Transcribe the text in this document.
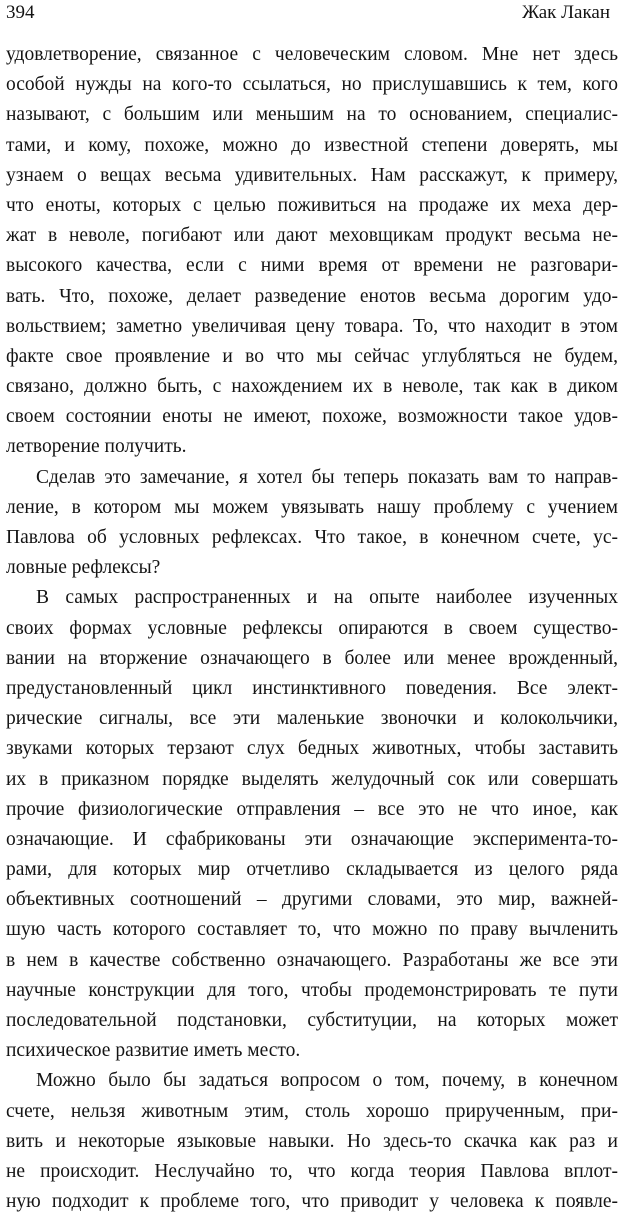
394	Жак Лакан
удовлетворение, связанное с человеческим словом. Мне нет здесь
особой нужды на кого-то ссылаться, но прислушавшись к тем, кого
называют, с большим или меньшим на то основанием, специалис-
тами, и кому, похоже, можно до известной степени доверять, мы
узнаем о вещах весьма удивительных. Нам расскажут, к примеру,
что еноты, которых с целью поживиться на продаже их меха дер-
жат в неволе, погибают или дают меховщикам продукт весьма не-
высокого качества, если с ними время от времени не разговари-
вать. Что, похоже, делает разведение енотов весьма дорогим удо-
вольствием; заметно увеличивая цену товара. То, что находит в этом
факте свое проявление и во что мы сейчас углубляться не будем,
связано, должно быть, с нахождением их в неволе, так как в диком
своем состоянии еноты не имеют, похоже, возможности такое удов-
летворение получить.
Сделав это замечание, я хотел бы теперь показать вам то направ-
ление, в котором мы можем увязывать нашу проблему с учением
Павлова об условных рефлексах. Что такое, в конечном счете, ус-
ловные рефлексы?
В самых распространенных и на опыте наиболее изученных
своих формах условные рефлексы опираются в своем существо-
вании на вторжение означающего в более или менее врожденный,
предустановленный цикл инстинктивного поведения. Все элект-
рические сигналы, все эти маленькие звоночки и колокольчики,
звуками которых терзают слух бедных животных, чтобы заставить
их в приказном порядке выделять желудочный сок или совершать
прочие физиологические отправления – все это не что иное, как
означающие. И сфабрикованы эти означающие эксперимента-то-
рами, для которых мир отчетливо складывается из целого ряда
объективных соотношений – другими словами, это мир, важней-
шую часть которого составляет то, что можно по праву вычленить
в нем в качестве собственно означающего. Разработаны же все эти
научные конструкции для того, чтобы продемонстрировать те пути
последовательной подстановки, субституции, на которых может
психическое развитие иметь место.
Можно было бы задаться вопросом о том, почему, в конечном
счете, нельзя животным этим, столь хорошо прирученным, при-
вить и некоторые языковые навыки. Но здесь-то скачка как раз и
не происходит. Неслучайно то, что когда теория Павлова вплот-
ную подходит к проблеме того, что приводит у человека к появле-
